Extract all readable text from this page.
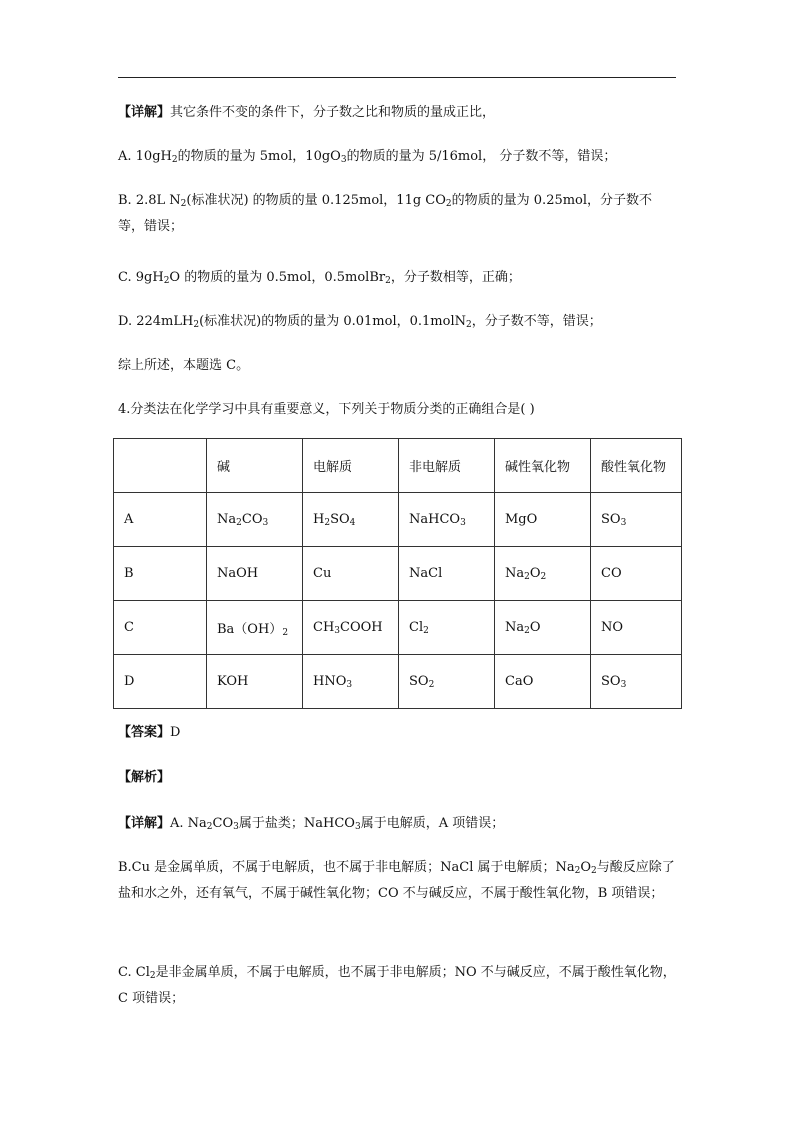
【详解】其它条件不变的条件下，分子数之比和物质的量成正比，
A. $10gH_2$的物质的量为 5mol，$10gO_3$的物质的量为 5/16mol， 分子数不等，错误；
B. 2.8L $N_2$(标准状况) 的物质的量 0.125mol，11g $CO_2$的物质的量为 0.25mol，分子数不等，错误；
C. $9gH_2O$ 的物质的量为 0.5mol，0.5molBr$_2$，分子数相等，正确；
D. 224mLH$_2$(标准状况)的物质的量为 0.01mol，0.1molN$_2$，分子数不等，错误；
综上所述，本题选 C。
4.分类法在化学学习中具有重要意义，下列关于物质分类的正确组合是( )
	碱	电解质	非电解质	碱性氧化物	酸性氧化物
A	$Na_2CO_3$	$H_2SO_4$	NaHCO$_3$	MgO	$SO_3$
B	NaOH	Cu	NaCl	$Na_2O_2$	CO
C	$Ba(OH)_2$	$CH_3COOH$	$Cl_2$	$Na_2O$	NO
D	KOH	$HNO_3$	$SO_2$	CaO	$SO_3$
【答案】D
【解析】
【详解】A. $Na_2CO_3$属于盐类；NaHCO$_3$属于电解质，A 项错误；
B.Cu 是金属单质，不属于电解质，也不属于非电解质；NaCl 属于电解质；$Na_2O_2$与酸反应除了盐和水之外，还有氧气，不属于碱性氧化物；CO 不与碱反应，不属于酸性氧化物，B 项错误；
C. $Cl_2$是非金属单质，不属于电解质，也不属于非电解质；NO 不与碱反应，不属于酸性氧化物，C 项错误；
